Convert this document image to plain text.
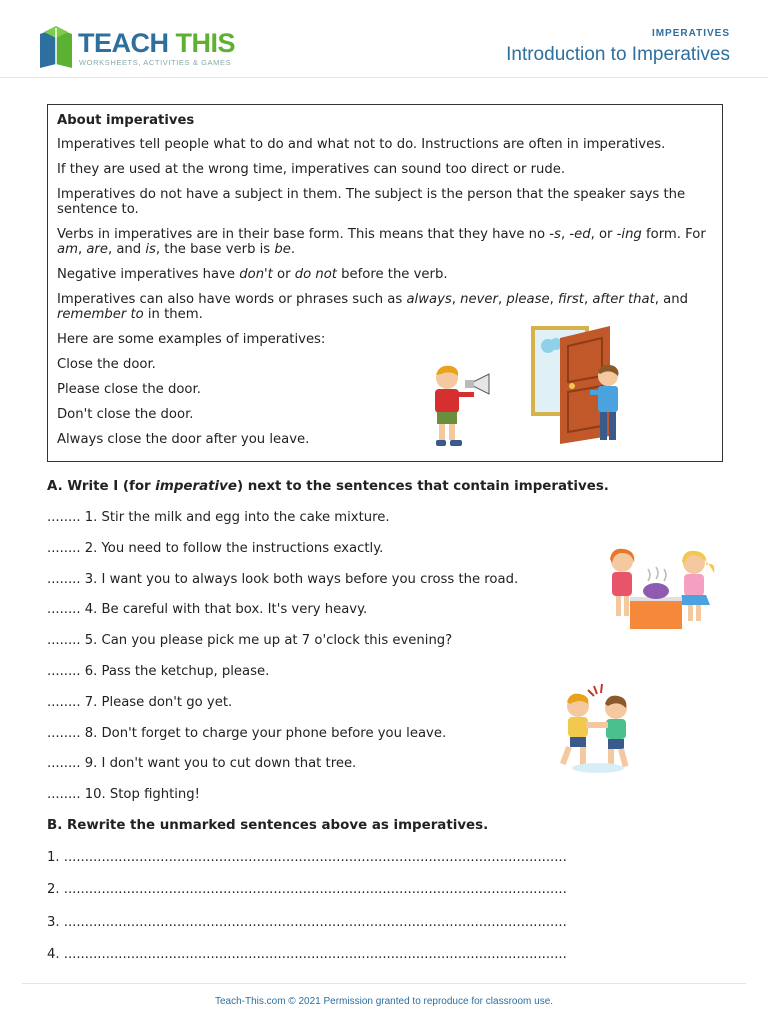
TEACH THIS
WORKSHEETS, ACTIVITIES & GAMES
IMPERATIVES
Introduction to Imperatives

About imperatives

Imperatives tell people what to do and what not to do. Instructions are often in imperatives.

If they are used at the wrong time, imperatives can sound too direct or rude.

Imperatives do not have a subject in them. The subject is the person that the speaker says the sentence to.

Verbs in imperatives are in their base form. This means that they have no -s, -ed, or -ing form. For am, are, and is, the base verb is be.

Negative imperatives have don't or do not before the verb.

Imperatives can also have words or phrases such as always, never, please, first, after that, and remember to in them.

Here are some examples of imperatives:

Close the door.

Please close the door.

Don't close the door.

Always close the door after you leave.

A. Write I (for imperative) next to the sentences that contain imperatives.
........ 1. Stir the milk and egg into the cake mixture.
........ 2. You need to follow the instructions exactly.
........ 3. I want you to always look both ways before you cross the road.
........ 4. Be careful with that box. It's very heavy.
........ 5. Can you please pick me up at 7 o'clock this evening?
........ 6. Pass the ketchup, please.
........ 7. Please don't go yet.
........ 8. Don't forget to charge your phone before you leave.
........ 9. I don't want you to cut down that tree.
........ 10. Stop fighting!
B. Rewrite the unmarked sentences above as imperatives.
1. ........................................................................................................................
2. ........................................................................................................................
3. ........................................................................................................................
4. ........................................................................................................................
Teach-This.com © 2021 Permission granted to reproduce for classroom use.
